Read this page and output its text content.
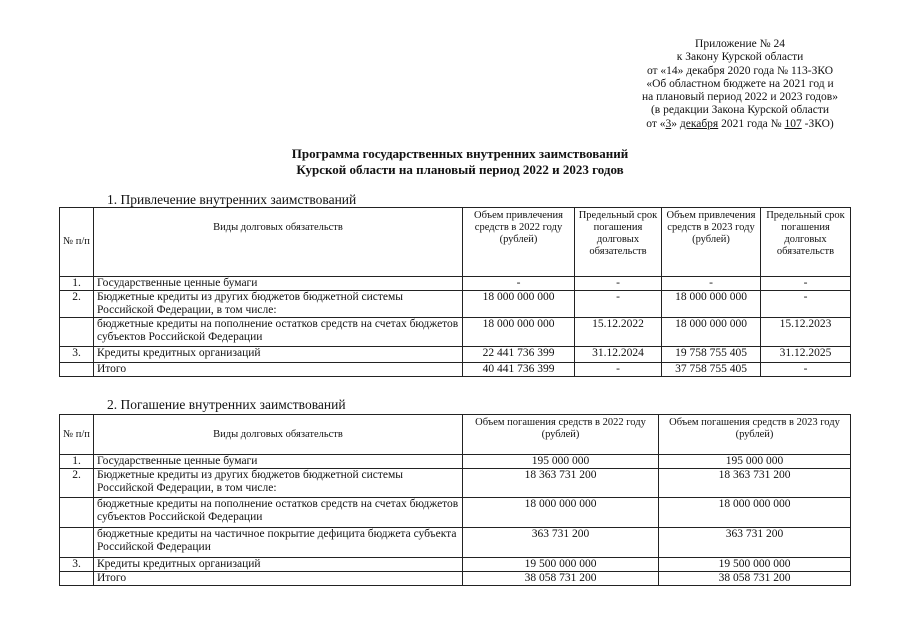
Приложение № 24
к Закону Курской области
от «14» декабря 2020 года № 113-ЗКО
«Об областном бюджете на 2021 год и
на плановый период 2022 и 2023 годов»
(в редакции Закона Курской области
от «3» декабря 2021 года № 107 -ЗКО)
Программа государственных внутренних заимствований
Курской области на плановый период 2022 и 2023 годов
1. Привлечение внутренних заимствований
№ п/п	Виды долговых обязательств	Объем привлечения средств в 2022 году (рублей)	Предельный срок погашения долговых обязательств	Объем привлечения средств в 2023 году (рублей)	Предельный срок погашения долговых обязательств
1.	Государственные ценные бумаги	-	-	-	-
2.	Бюджетные кредиты из других бюджетов бюджетной системы Российской Федерации, в том числе:	18 000 000 000	-	18 000 000 000	-
	бюджетные кредиты на пополнение остатков средств на счетах бюджетов субъектов Российской Федерации	18 000 000 000	15.12.2022	18 000 000 000	15.12.2023
3.	Кредиты кредитных организаций	22 441 736 399	31.12.2024	19 758 755 405	31.12.2025
	Итого	40 441 736 399	-	37 758 755 405	-
2. Погашение внутренних заимствований
№ п/п	Виды долговых обязательств	Объем погашения средств в 2022 году (рублей)	Объем погашения средств в 2023 году (рублей)
1.	Государственные ценные бумаги	195 000 000	195 000 000
2.	Бюджетные кредиты из других бюджетов бюджетной системы Российской Федерации, в том числе:	18 363 731 200	18 363 731 200
	бюджетные кредиты на пополнение остатков средств на счетах бюджетов субъектов Российской Федерации	18 000 000 000	18 000 000 000
	бюджетные кредиты на частичное покрытие дефицита бюджета субъекта Российской Федерации	363 731 200	363 731 200
3.	Кредиты кредитных организаций	19 500 000 000	19 500 000 000
	Итого	38 058 731 200	38 058 731 200
